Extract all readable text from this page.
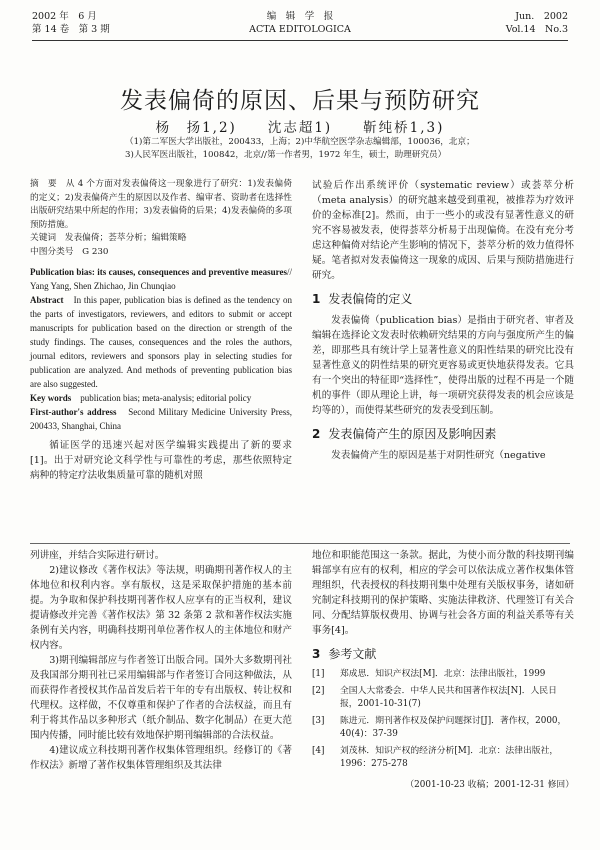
2002 年　6 月
第 14 卷　第 3 期
编　辑　学　报
ACTA EDITOLOGICA
Jun.　2002
Vol.14　No.3
发表偏倚的原因、后果与预防研究
杨　扬1,2)　　沈志超1)　　靳纯桥1,3)
（1)第二军医大学出版社，200433，上海；2)中华航空医学杂志编辑部，100036，北京；
3)人民军医出版社，100842，北京//第一作者男，1972 年生，硕士，助理研究员）
摘　要　 从 4 个方面对发表偏倚这一现象进行了研究：1)发表偏倚的定义；2)发表偏倚产生的原因以及作者、编审者、资助者在选择性出版研究结果中所起的作用；3)发表偏倚的后果；4)发表偏倚的多项预防措施。
关键词　 发表偏倚；荟萃分析；编辑策略
中图分类号　 G 230
Publication bias: its causes, consequences and preventive measures// Yang Yang, Shen Zhichao, Jin Chunqiao
Abstract　 In this paper, publication bias is defined as the tendency on the parts of investigators, reviewers, and editors to submit or accept manuscripts for publication based on the direction or strength of the study findings. The causes, consequences and the roles the authors, journal editors, reviewers and sponsors play in selecting studies for publication are analyzed. And methods of preventing publication bias are also suggested.
Key words　 publication bias; meta-analysis; editorial policy
First-author's address　 Second Military Medicine University Press, 200433, Shanghai, China
循证医学的迅速兴起对医学编辑实践提出了新的要求[1]。出于对研究论文科学性与可靠性的考虑，那些依照特定病种的特定疗法收集质量可靠的随机对照
试验后作出系统评价（systematic review）或荟萃分析（meta analysis）的研究越来越受到重视，被推荐为疗效评价的金标准[2]。然而，由于一些小的或没有显著性意义的研究不容易被发表，使得荟萃分析易于出现偏倚。在没有充分考虑这种偏倚对结论产生影响的情况下，荟萃分析的效力值得怀疑。笔者拟对发表偏倚这一现象的成因、后果与预防措施进行研究。
1 发表偏倚的定义
发表偏倚（publication bias）是指由于研究者、审者及编辑在选择论文发表时依赖研究结果的方向与强度所产生的偏差，即那些具有统计学上显著性意义的阳性结果的研究比没有显著性意义的阴性结果的研究更容易或更快地获得发表。它具有一个突出的特征即“选择性”，使得出版的过程不再是一个随机的事件（即从理论上讲，每一项研究获得发表的机会应该是均等的），而使得某些研究的发表受到压制。
2 发表偏倚产生的原因及影响因素
发表偏倚产生的原因是基于对阴性研究（negative
列讲座，并结合实际进行研讨。
2)建议修改《著作权法》等法规，明确期刊著作权人的主体地位和权利内容。享有版权，这是采取保护措施的基本前提。为争取和保护科技期刊著作权人应享有的正当权利，建议提请修改并完善《著作权法》第 32 条第 2 款和著作权法实施条例有关内容，明确科技期刊单位著作权人的主体地位和财产权内容。
3)期刊编辑部应与作者签订出版合同。国外大多数期刊社及我国部分期刊社已采用编辑部与作者签订合同这种做法，从而获得作者授权其作品首发后若干年的专有出版权、转让权和代理权。这样做，不仅尊重和保护了作者的合法权益，而且有利于将其作品以多种形式（纸介制品、数字化制品）在更大范围内传播，同时能比较有效地保护期刊编辑部的合法权益。
4)建议成立科技期刊著作权集体管理组织。经修订的《著作权法》新增了著作权集体管理组织及其法律
地位和职能范围这一条款。据此，为使小而分散的科技期刊编辑部享有应有的权利，相应的学会可以依法成立著作权集体管理组织，代表授权的科技期刊集中处理有关版权事务，诸如研究制定科技期刊的保护策略、实施法律救济、代理签订有关合同、分配结算版权费用、协调与社会各方面的利益关系等有关事务[4]。
3 参考文献
[1]	郑成思．知识产权法[M]．北京：法律出版社，1999
[2]	全国人大常委会．中华人民共和国著作权法[N]．人民日报，2001-10-31(7)
[3]	陈进元．期刊著作权及保护问题探讨[J]．著作权，2000，40(4)：37-39
[4]	刘茂林．知识产权的经济分析[M]．北京：法律出版社，1996：275-278
（2001-10-23 收稿；2001-12-31 修回）
